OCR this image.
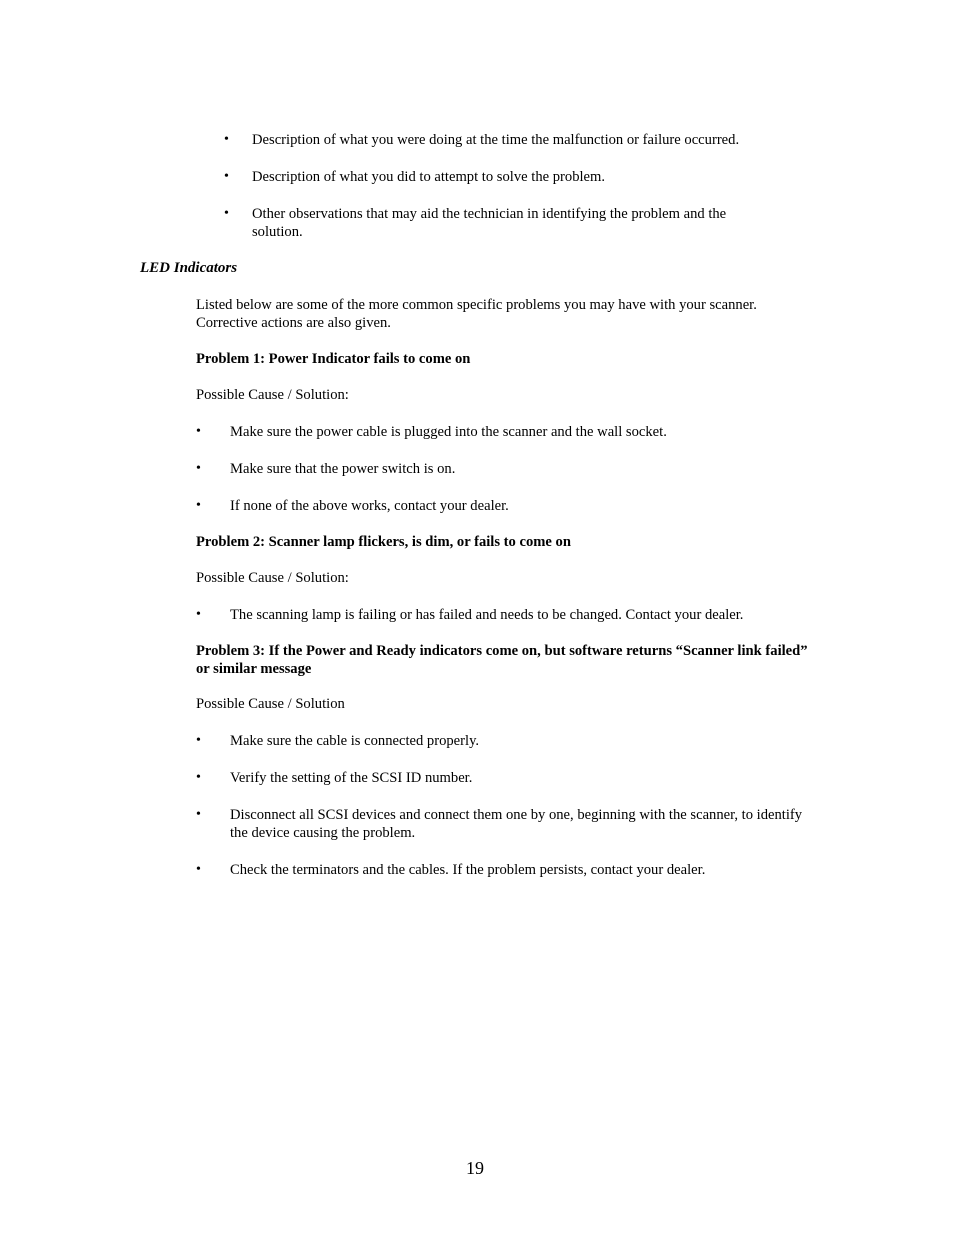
•	Description of what you were doing at the time the malfunction or failure occurred.
•	Description of what you did to attempt to solve the problem.
•	Other observations that may aid the technician in identifying the problem and the solution.
LED Indicators
Listed below are some of the more common specific problems you may have with your scanner. Corrective actions are also given.
Problem 1: Power Indicator fails to come on
Possible Cause / Solution:
•	Make sure the power cable is plugged into the scanner and the wall socket.
•	Make sure that the power switch is on.
•	If none of the above works, contact your dealer.
Problem 2: Scanner lamp flickers, is dim, or fails to come on
Possible Cause / Solution:
•	The scanning lamp is failing or has failed and needs to be changed. Contact your dealer.
Problem 3: If the Power and Ready indicators come on, but software returns “Scanner link failed” or similar message
Possible Cause / Solution
•	Make sure the cable is connected properly.
•	Verify the setting of the SCSI ID number.
•	Disconnect all SCSI devices and connect them one by one, beginning with the scanner, to identify the device causing the problem.
•	Check the terminators and the cables. If the problem persists, contact your dealer.
19
